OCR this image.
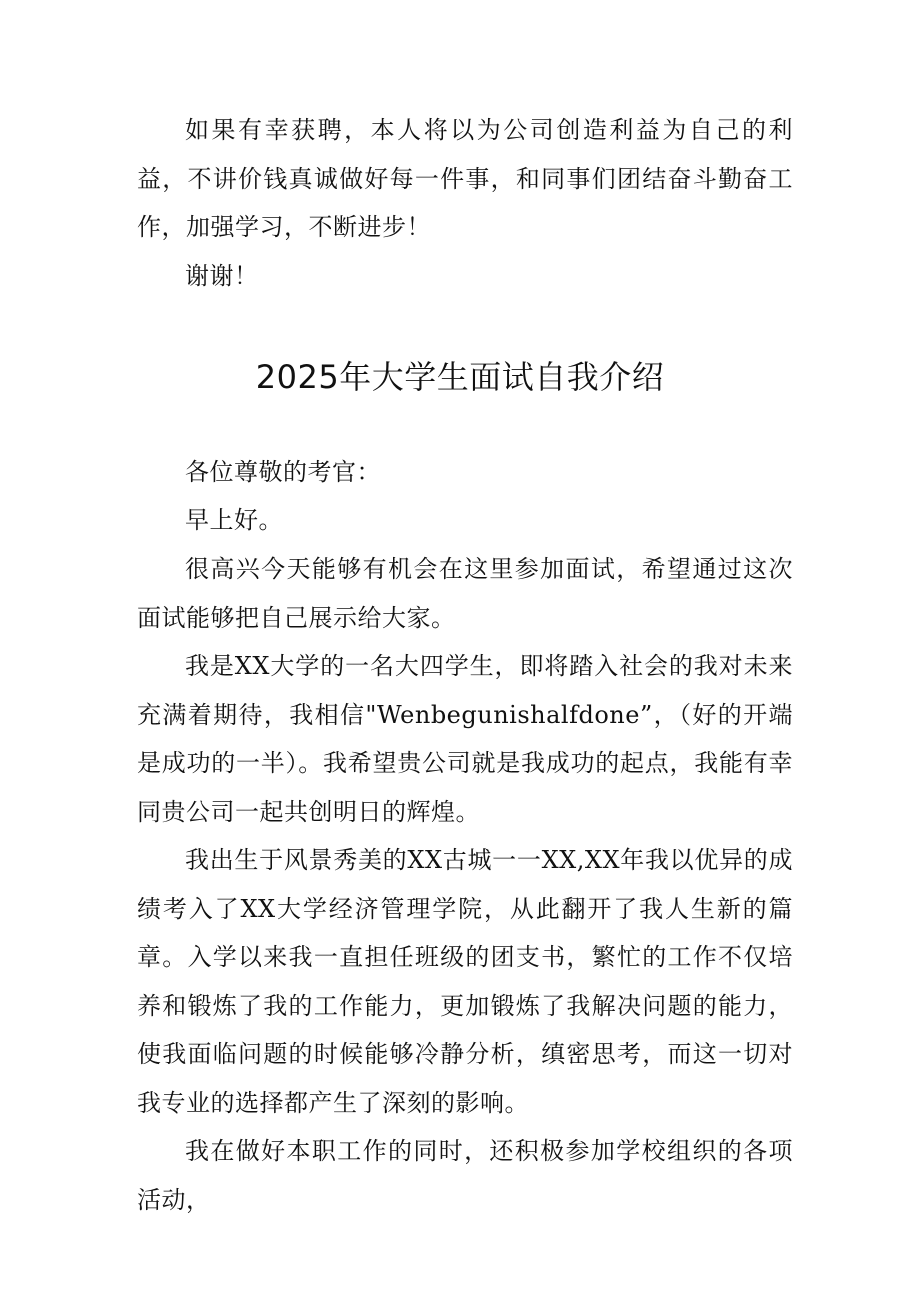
如果有幸获聘，本人将以为公司创造利益为自己的利益，不讲价钱真诚做好每一件事，和同事们团结奋斗勤奋工作，加强学习，不断进步！

谢谢！

2025年大学生面试自我介绍

各位尊敬的考官：

早上好。

很高兴今天能够有机会在这里参加面试，希望通过这次面试能够把自己展示给大家。

我是XX大学的一名大四学生，即将踏入社会的我对未来充满着期待，我相信"Wenbegunishalfdone”，（好的开端是成功的一半）。我希望贵公司就是我成功的起点，我能有幸同贵公司一起共创明日的辉煌。

我出生于风景秀美的XX古城一一XX,XX年我以优异的成绩考入了XX大学经济管理学院，从此翻开了我人生新的篇章。入学以来我一直担任班级的团支书，繁忙的工作不仅培养和锻炼了我的工作能力，更加锻炼了我解决问题的能力，使我面临问题的时候能够冷静分析，缜密思考，而这一切对我专业的选择都产生了深刻的影响。

我在做好本职工作的同时，还积极参加学校组织的各项活动，
